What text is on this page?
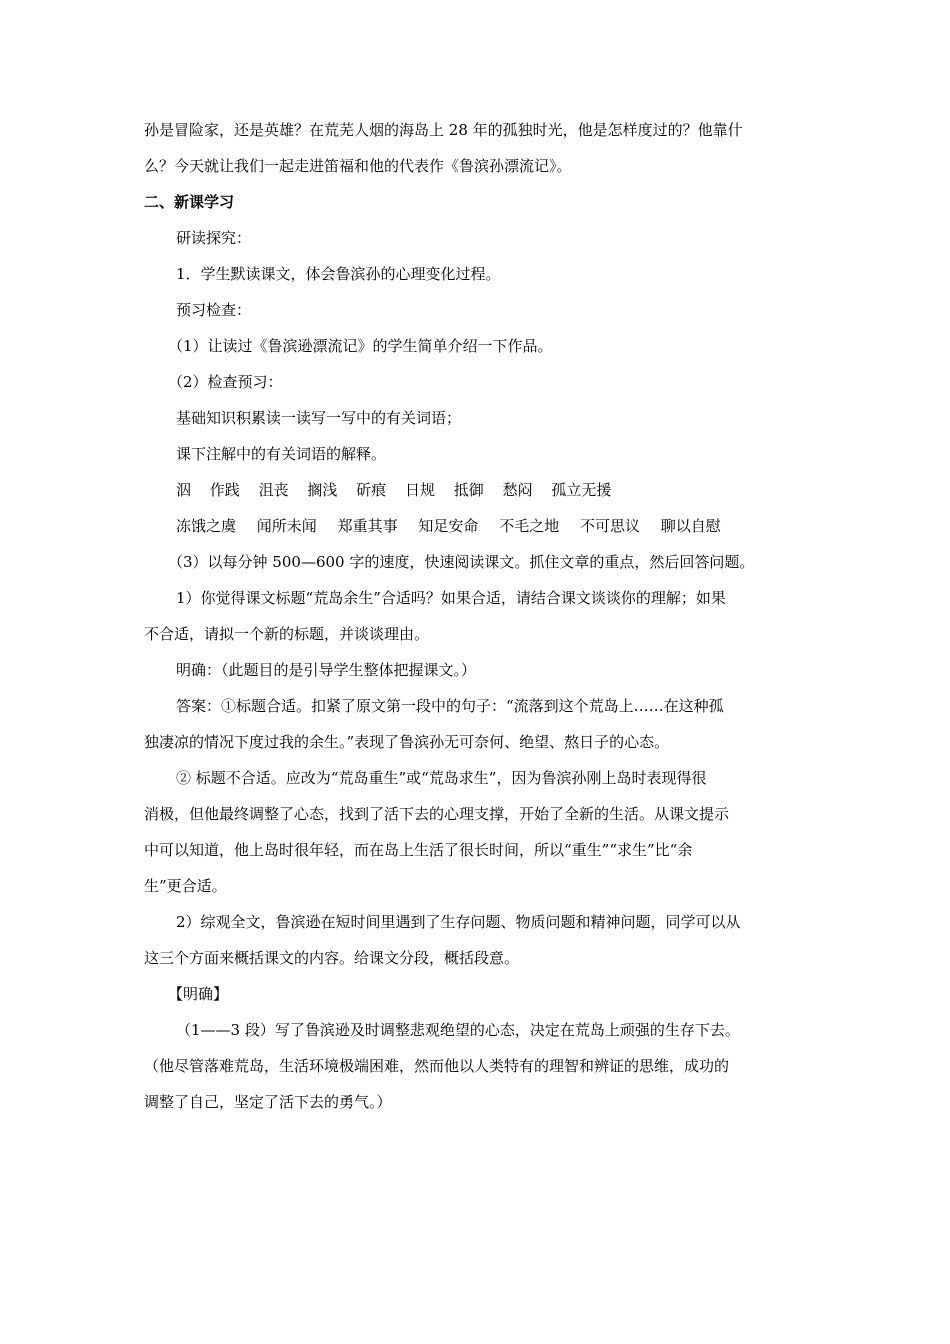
孙是冒险家，还是英雄？在荒芜人烟的海岛上 28 年的孤独时光，他是怎样度过的？他靠什
么？今天就让我们一起走进笛福和他的代表作《鲁滨孙漂流记》。
二、新课学习
研读探究：
1．学生默读课文，体会鲁滨孙的心理变化过程。
预习检查：
（1）让读过《鲁滨逊漂流记》的学生简单介绍一下作品。
（2）检查预习：
基础知识积累读一读写一写中的有关词语；
课下注解中的有关词语的解释。
泅 作践 沮丧 搁浅 斫痕 日规 抵御 愁闷 孤立无援
冻饿之虞 闻所未闻 郑重其事 知足安命 不毛之地 不可思议 聊以自慰
（3）以每分钟 500—600 字的速度，快速阅读课文。抓住文章的重点，然后回答问题。
1）你觉得课文标题“荒岛余生”合适吗？如果合适，请结合课文谈谈你的理解；如果
不合适，请拟一个新的标题，并谈谈理由。
明确：（此题目的是引导学生整体把握课文。）
答案：①标题合适。扣紧了原文第一段中的句子：“流落到这个荒岛上……在这种孤
独凄凉的情况下度过我的余生。”表现了鲁滨孙无可奈何、绝望、熬日子的心态。
② 标题不合适。应改为“荒岛重生”或“荒岛求生”，因为鲁滨孙刚上岛时表现得很
消极，但他最终调整了心态，找到了活下去的心理支撑，开始了全新的生活。从课文提示
中可以知道，他上岛时很年轻，而在岛上生活了很长时间，所以“重生”“求生”比“余
生”更合适。
2）综观全文，鲁滨逊在短时间里遇到了生存问题、物质问题和精神问题，同学可以从
这三个方面来概括课文的内容。给课文分段，概括段意。
【明确】
（1——3 段）写了鲁滨逊及时调整悲观绝望的心态，决定在荒岛上顽强的生存下去。
（他尽管落难荒岛，生活环境极端困难，然而他以人类特有的理智和辨证的思维，成功的
调整了自己，坚定了活下去的勇气。）
